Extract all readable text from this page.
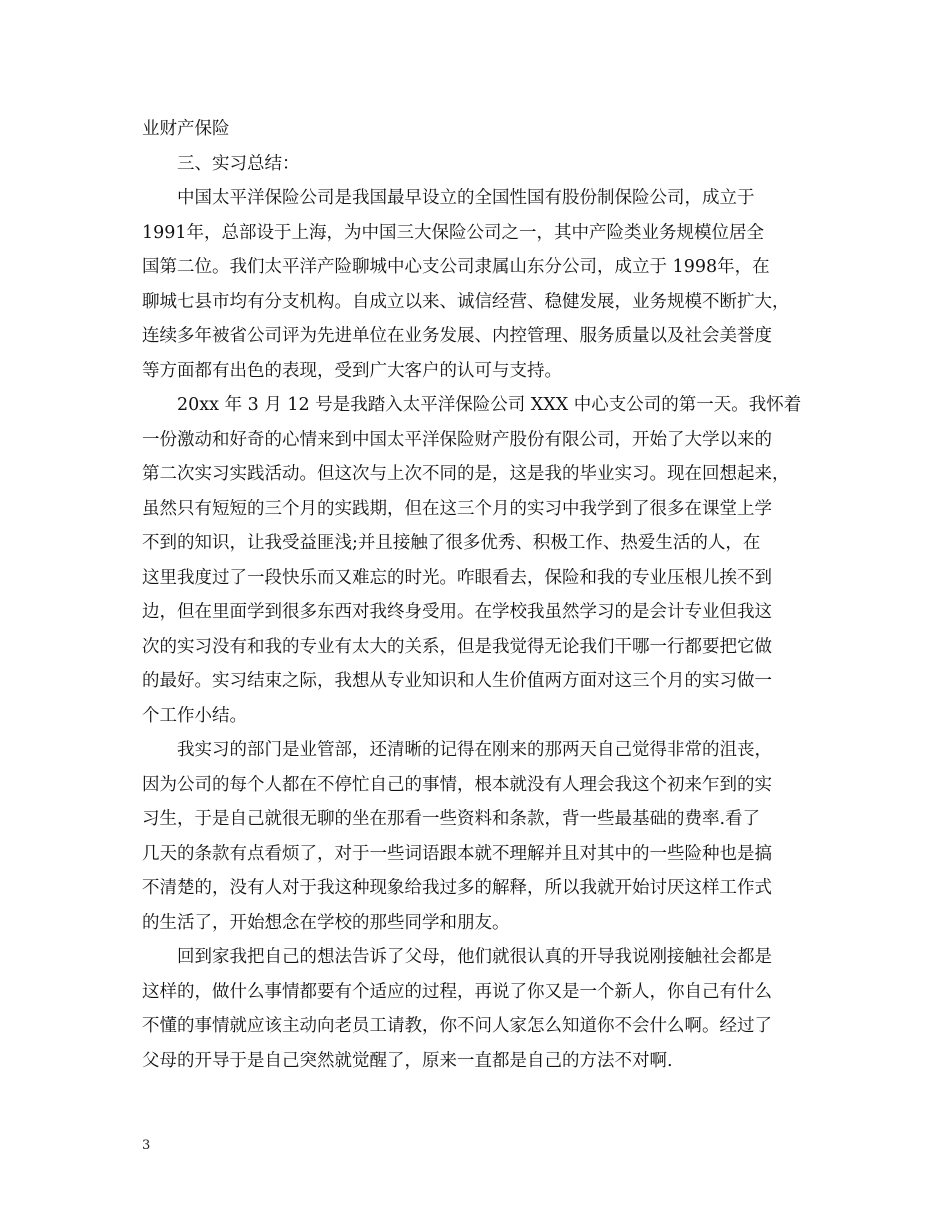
业财产保险
三、实习总结：
中国太平洋保险公司是我国最早设立的全国性国有股份制保险公司，成立于
1991年，总部设于上海，为中国三大保险公司之一，其中产险类业务规模位居全
国第二位。我们太平洋产险聊城中心支公司隶属山东分公司，成立于 1998年，在
聊城七县市均有分支机构。自成立以来、诚信经营、稳健发展，业务规模不断扩大，
连续多年被省公司评为先进单位在业务发展、内控管理、服务质量以及社会美誉度
等方面都有出色的表现，受到广大客户的认可与支持。
20xx 年 3 月 12 号是我踏入太平洋保险公司 XXX 中心支公司的第一天。我怀着
一份激动和好奇的心情来到中国太平洋保险财产股份有限公司，开始了大学以来的
第二次实习实践活动。但这次与上次不同的是，这是我的毕业实习。现在回想起来，
虽然只有短短的三个月的实践期，但在这三个月的实习中我学到了很多在课堂上学
不到的知识，让我受益匪浅;并且接触了很多优秀、积极工作、热爱生活的人，在
这里我度过了一段快乐而又难忘的时光。咋眼看去，保险和我的专业压根儿挨不到
边，但在里面学到很多东西对我终身受用。在学校我虽然学习的是会计专业但我这
次的实习没有和我的专业有太大的关系，但是我觉得无论我们干哪一行都要把它做
的最好。实习结束之际，我想从专业知识和人生价值两方面对这三个月的实习做一
个工作小结。
我实习的部门是业管部，还清晰的记得在刚来的那两天自己觉得非常的沮丧，
因为公司的每个人都在不停忙自己的事情，根本就没有人理会我这个初来乍到的实
习生，于是自己就很无聊的坐在那看一些资料和条款，背一些最基础的费率.看了
几天的条款有点看烦了，对于一些词语跟本就不理解并且对其中的一些险种也是搞
不清楚的，没有人对于我这种现象给我过多的解释，所以我就开始讨厌这样工作式
的生活了，开始想念在学校的那些同学和朋友。
回到家我把自己的想法告诉了父母，他们就很认真的开导我说刚接触社会都是
这样的，做什么事情都要有个适应的过程，再说了你又是一个新人，你自己有什么
不懂的事情就应该主动向老员工请教，你不问人家怎么知道你不会什么啊。经过了
父母的开导于是自己突然就觉醒了，原来一直都是自己的方法不对啊.
3
